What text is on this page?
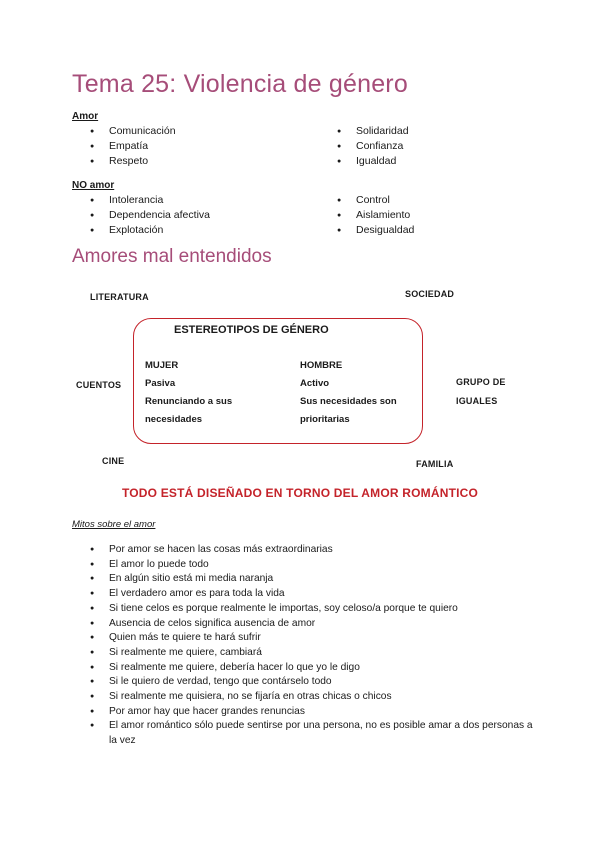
Tema 25: Violencia de género
Amor
● Comunicación
● Empatía
● Respeto
● Solidaridad
● Confianza
● Igualdad
NO amor
● Intolerancia
● Dependencia afectiva
● Explotación
● Control
● Aislamiento
● Desigualdad
Amores mal entendidos
LITERATURA	SOCIEDAD
CUENTOS	GRUPO DE
IGUALES
CINE	FAMILIA
ESTEREOTIPOS DE GÉNERO
MUJER
Pasiva
Renunciando a sus
necesidades
HOMBRE
Activo
Sus necesidades son
prioritarias
TODO ESTÁ DISEÑADO EN TORNO DEL AMOR ROMÁNTICO
Mitos sobre el amor
● Por amor se hacen las cosas más extraordinarias
● El amor lo puede todo
● En algún sitio está mi media naranja
● El verdadero amor es para toda la vida
● Si tiene celos es porque realmente le importas, soy celoso/a porque te quiero
● Ausencia de celos significa ausencia de amor
● Quien más te quiere te hará sufrir
● Si realmente me quiere, cambiará
● Si realmente me quiere, debería hacer lo que yo le digo
● Si le quiero de verdad, tengo que contárselo todo
● Si realmente me quisiera, no se fijaría en otras chicas o chicos
● Por amor hay que hacer grandes renuncias
● El amor romántico sólo puede sentirse por una persona, no es posible amar a dos personas a la vez
